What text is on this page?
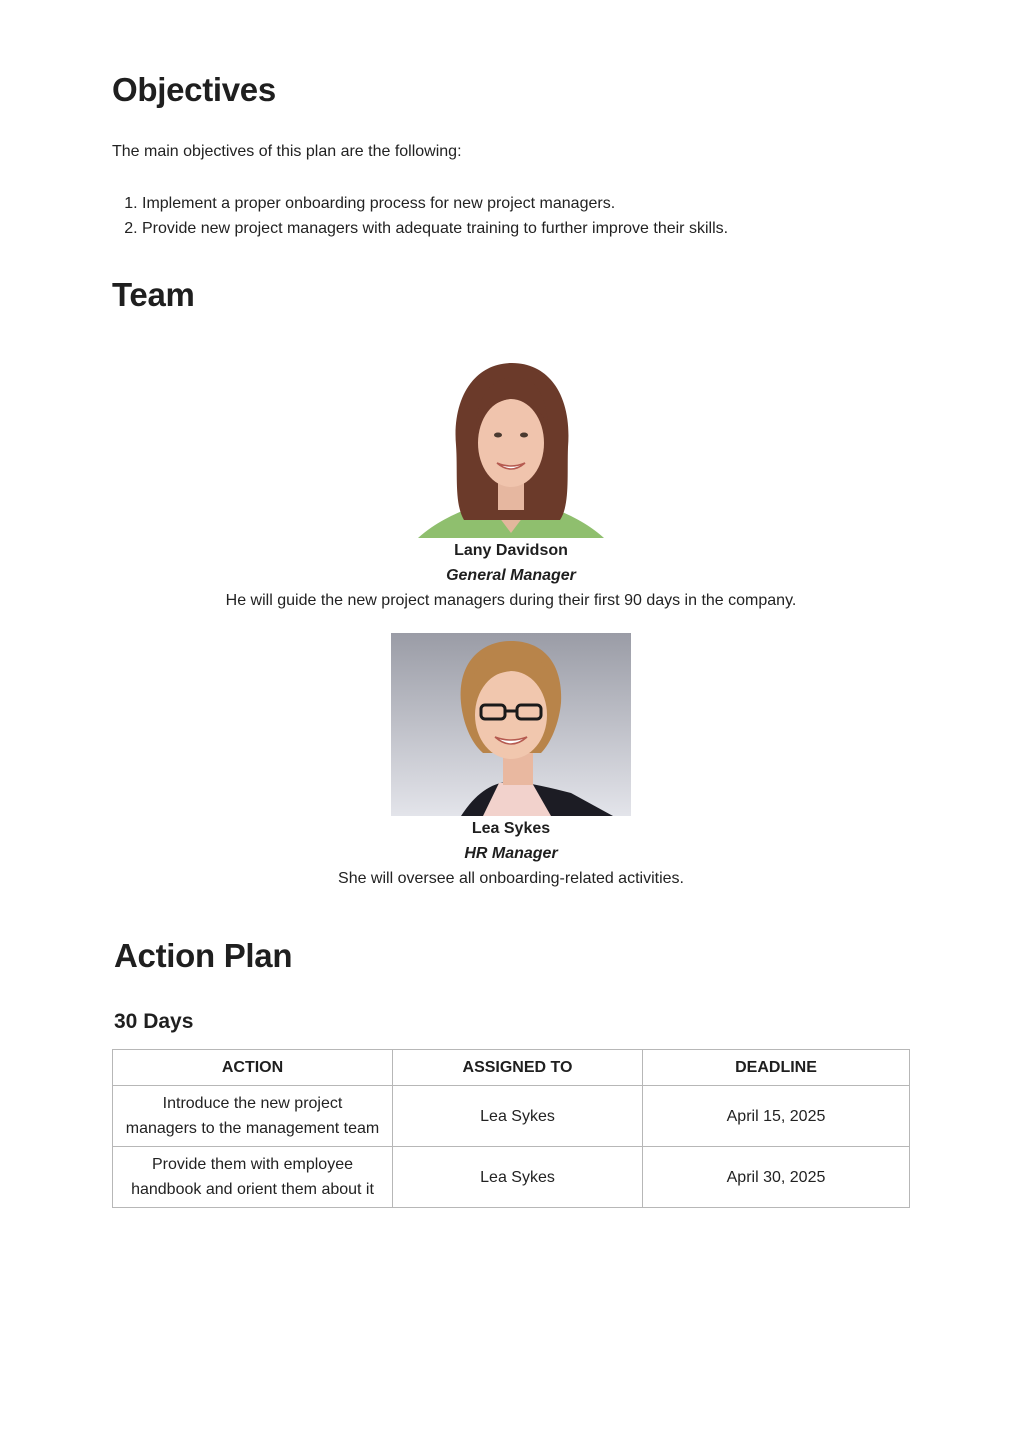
Objectives

The main objectives of this plan are the following:

1. Implement a proper onboarding process for new project managers.
2. Provide new project managers with adequate training to further improve their skills.
Team
Lany Davidson
General Manager
He will guide the new project managers during their first 90 days in the company.
Lea Sykes
HR Manager
She will oversee all onboarding-related activities.
Action Plan
30 Days
ACTION	ASSIGNED TO	DEADLINE
Introduce the new project managers to the management team	Lea Sykes	April 15, 2025
Provide them with employee handbook and orient them about it	Lea Sykes	April 30, 2025
